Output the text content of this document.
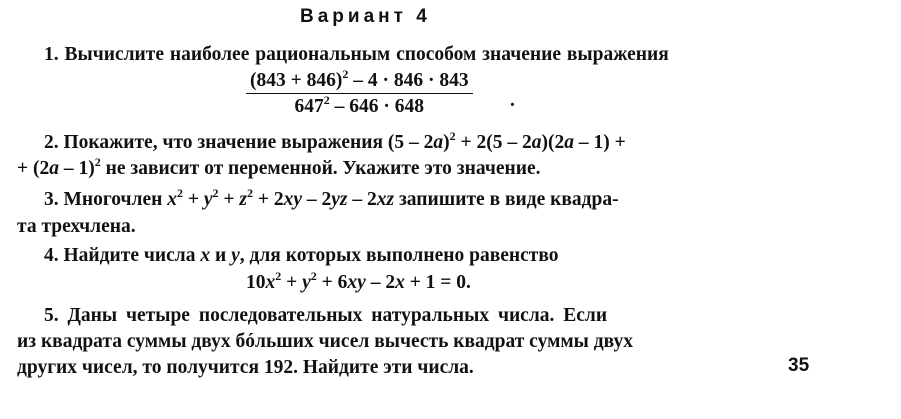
Вариант 4
1. Вычислите наиболее рациональным способом значение выражения
$\frac{(843 + 846)^2 - 4 \cdot 846 \cdot 843}{647^2 - 646 \cdot 648}$ .
2. Покажите, что значение выражения (5 – 2a)$^2$ + 2(5 – 2a)(2a – 1) +
+ (2a – 1)$^2$ не зависит от переменной. Укажите это значение.
3. Многочлен $x^2 + y^2 + z^2 + 2xy - 2yz - 2xz$ запишите в виде квадра-
та трехчлена.
4. Найдите числа x и y, для которых выполнено равенство
$10x^2 + y^2 + 6xy - 2x + 1 = 0$.
5. Даны четыре последовательных натуральных числа. Если
из квадрата суммы двух бóльших чисел вычесть квадрат суммы двух
других чисел, то получится 192. Найдите эти числа.	35
